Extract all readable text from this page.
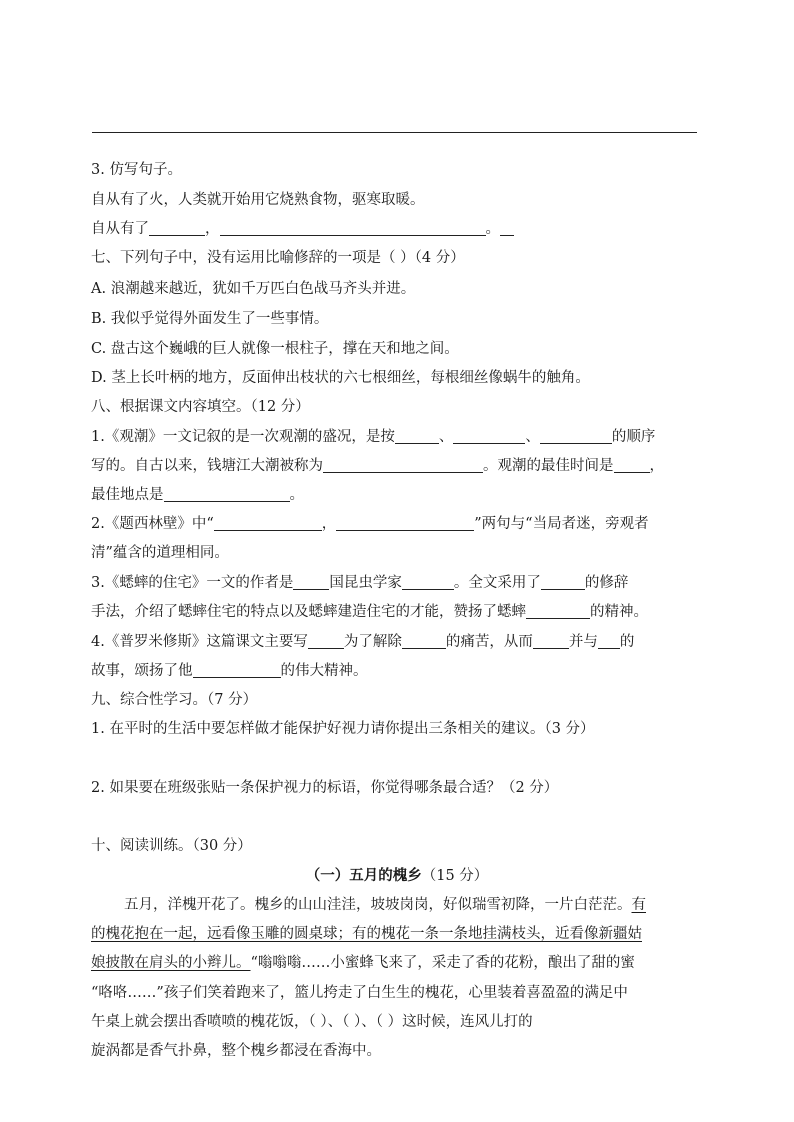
3. 仿写句子。
自从有了火，人类就开始用它烧熟食物，驱寒取暖。
自从有了	，	。
七、下列句子中，没有运用比喻修辞的一项是（ ）（4 分）
A. 浪潮越来越近，犹如千万匹白色战马齐头并进。
B. 我似乎觉得外面发生了一些事情。
C. 盘古这个巍峨的巨人就像一根柱子，撑在天和地之间。
D. 茎上长叶柄的地方，反面伸出枝状的六七根细丝，每根细丝像蜗牛的触角。
八、根据课文内容填空。（12 分）
1.《观潮》一文记叙的是一次观潮的盛况，是按	、	、	的顺序
写的。自古以来，钱塘江大潮被称为	。观潮的最佳时间是 ，
最佳地点是	。
2.《题西林壁》中“	，	”两句与“当局者迷，旁观者
清”蕴含的道理相同。
3.《蟋蟀的住宅》一文的作者是 国昆虫学家	。全文采用了	的修辞
手法，介绍了蟋蟀住宅的特点以及蟋蟀建造住宅的才能，赞扬了蟋蟀	的精神。
4.《普罗米修斯》这篇课文主要写 为了解除	的痛苦，从而 并与 的
故事，颂扬了他	的伟大精神。
九、综合性学习。（7 分）
1. 在平时的生活中要怎样做才能保护好视力请你提出三条相关的建议。（3 分）
2. 如果要在班级张贴一条保护视力的标语，你觉得哪条最合适？（2 分）
十、阅读训练。（30 分）
（一）五月的槐乡（15 分）
五月，洋槐开花了。槐乡的山山洼洼，坡坡岗岗，好似瑞雪初降，一片白茫茫。有
的槐花抱在一起，远看像玉雕的圆桌球；有的槐花一条一条地挂满枝头，近看像新疆姑
娘披散在肩头的小辫儿。“嗡嗡嗡……小蜜蜂飞来了，采走了香的花粉，酿出了甜的蜜
“咯咯……”孩子们笑着跑来了，篮儿挎走了白生生的槐花，心里装着喜盈盈的满足中
午桌上就会摆出香喷喷的槐花饭，（ ）、（ ）、（ ）这时候，连风儿打的
旋涡都是香气扑鼻，整个槐乡都浸在香海中。
